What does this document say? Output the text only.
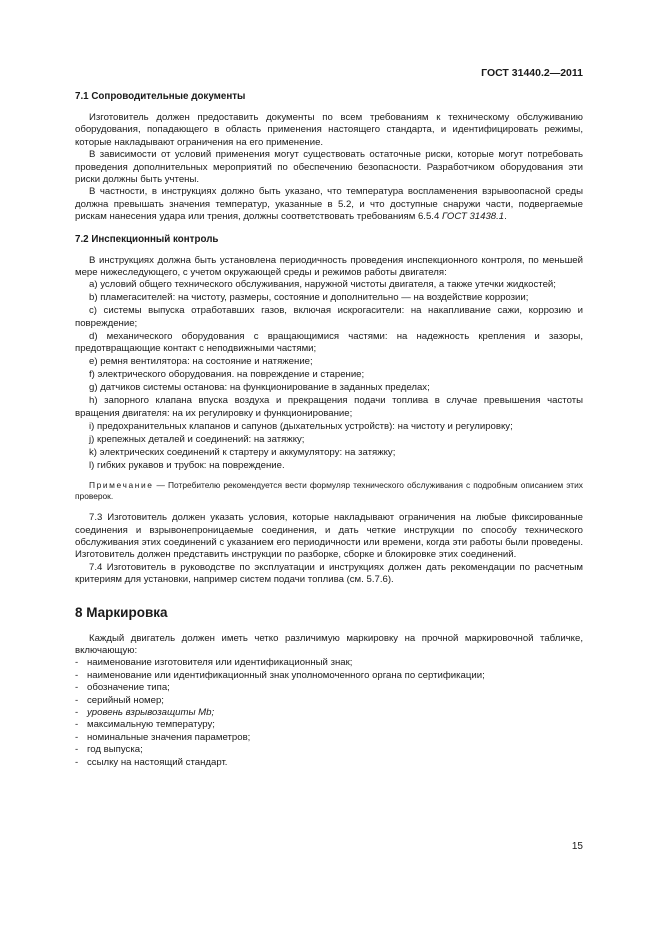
ГОСТ 31440.2—2011
7.1 Сопроводительные документы

Изготовитель должен предоставить документы по всем требованиям к техническому обслуживанию оборудования, попадающего в область применения настоящего стандарта, и идентифицировать режимы, которые накладывают ограничения на его применение.

В зависимости от условий применения могут существовать остаточные риски, которые могут потребовать проведения дополнительных мероприятий по обеспечению безопасности. Разработчиком оборудования эти риски должны быть учтены.

В частности, в инструкциях должно быть указано, что температура воспламенения взрывоопасной среды должна превышать значения температур, указанные в 5.2, и что доступные снаружи части, подвергаемые рискам нанесения удара или трения, должны соответствовать требованиям 6.5.4 ГОСТ 31438.1.

7.2 Инспекционный контроль

В инструкциях должна быть установлена периодичность проведения инспекционного контроля, по меньшей мере нижеследующего, с учетом окружающей среды и режимов работы двигателя:

a) условий общего технического обслуживания, наружной чистоты двигателя, а также утечки жидкостей;
b) пламегасителей: на чистоту, размеры, состояние и дополнительно — на воздействие коррозии;
c) системы выпуска отработавших газов, включая искрогасители: на накапливание сажи, коррозию и повреждение;
d) механического оборудования с вращающимися частями: на надежность крепления и зазоры, предотвращающие контакт с неподвижными частями;
e) ремня вентилятора: на состояние и натяжение;
f) электрического оборудования. на повреждение и старение;
g) датчиков системы останова: на функционирование в заданных пределах;
h) запорного клапана впуска воздуха и прекращения подачи топлива в случае превышения частоты вращения двигателя: на их регулировку и функционирование;
i) предохранительных клапанов и сапунов (дыхательных устройств): на чистоту и регулировку;
j) крепежных деталей и соединений: на затяжку;
k) электрических соединений к стартеру и аккумулятору: на затяжку;
l) гибких рукавов и трубок: на повреждение.
Примечание — Потребителю рекомендуется вести формуляр технического обслуживания с подробным описанием этих проверок.

7.3 Изготовитель должен указать условия, которые накладывают ограничения на любые фиксированные соединения и взрывонепроницаемые соединения, и дать четкие инструкции по способу технического обслуживания этих соединений с указанием его периодичности или времени, когда эти работы были проведены. Изготовитель должен представить инструкции по разборке, сборке и блокировке этих соединений.

7.4 Изготовитель в руководстве по эксплуатации и инструкциях должен дать рекомендации по расчетным критериям для установки, например систем подачи топлива (см. 5.7.6).

8 Маркировка

Каждый двигатель должен иметь четко различимую маркировку на прочной маркировочной табличке, включающую:

- наименование изготовителя или идентификационный знак;
- наименование или идентификационный знак уполномоченного органа по сертификации;
- обозначение типа;
- серийный номер;
- уровень взрывозащиты Mb;
- максимальную температуру;
- номинальные значения параметров;
- год выпуска;
- ссылку на настоящий стандарт.
15
